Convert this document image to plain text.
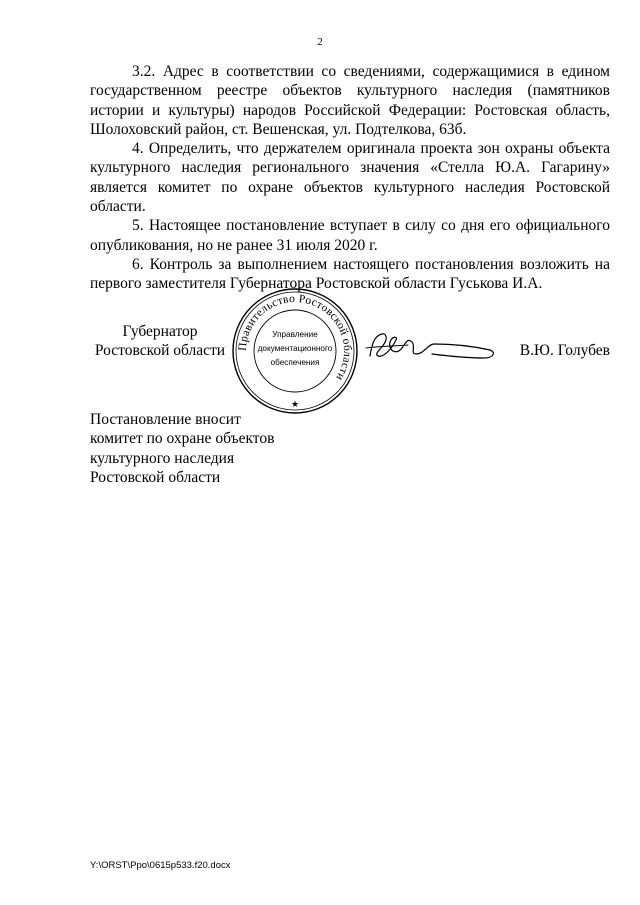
2

3.2. Адрес в соответствии со сведениями, содержащимися в едином государственном реестре объектов культурного наследия (памятников истории и культуры) народов Российской Федерации: Ростовская область, Шолоховский район, ст. Вешенская, ул. Подтелкова, 63б.

4. Определить, что держателем оригинала проекта зон охраны объекта культурного наследия регионального значения «Стелла Ю.А. Гагарину» является комитет по охране объектов культурного наследия Ростовской области.

5. Настоящее постановление вступает в силу со дня его официального опубликования, но не ранее 31 июля 2020 г.

6. Контроль за выполнением настоящего постановления возложить на первого заместителя Губернатора Ростовской области Гуськова И.А.

Губернатор
Ростовской области	Правительство Ростовской области
Управление
документационного
обеспечения
★
В.Ю. Голубев
Постановление вносит
комитет по охране объектов
культурного наследия
Ростовской области
Y:\ORST\Ppo\0615p533.f20.docx
